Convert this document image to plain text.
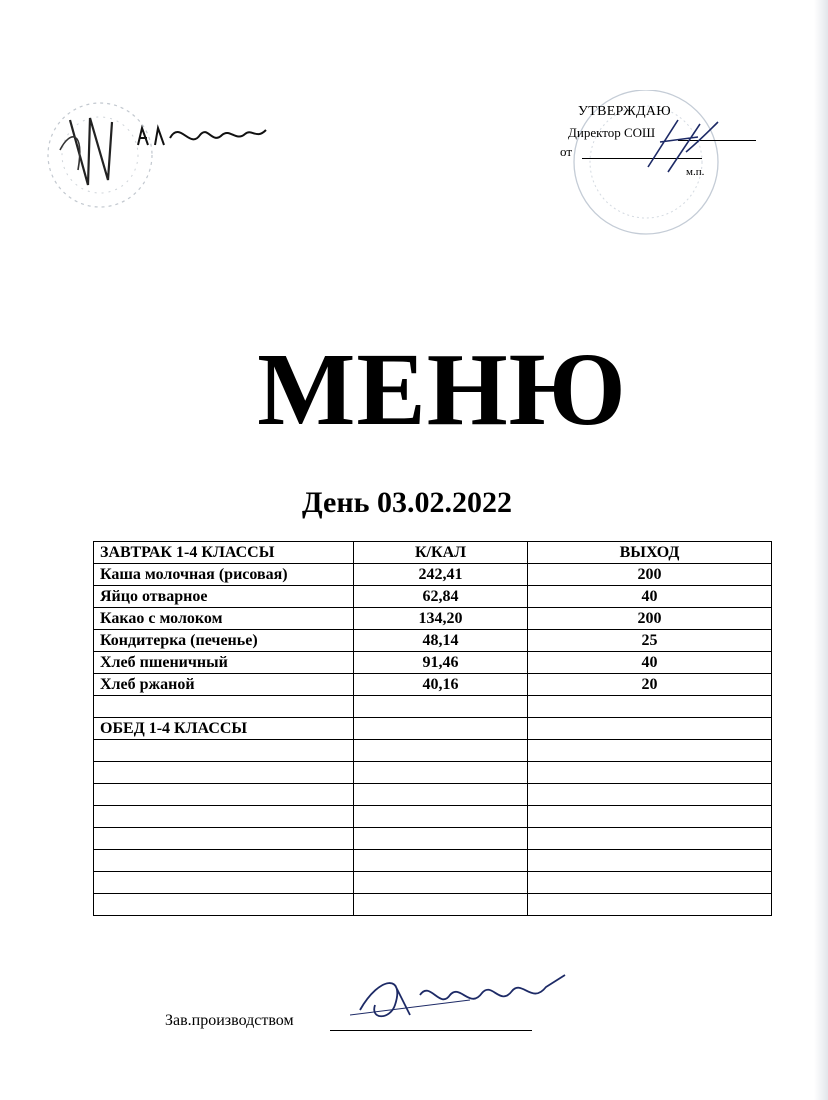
УТВЕРЖДАЮ
Директор СОШ
от
м.п.
МЕНЮ
День 03.02.2022
ЗАВТРАК 1-4 КЛАССЫ	К/КАЛ	ВЫХОД
Каша молочная (рисовая)	242,41	200
Яйцо отварное	62,84	40
Какао с молоком	134,20	200
Кондитерка (печенье)	48,14	25
Хлеб пшеничный	91,46	40
Хлеб ржаной	40,16	20

ОБЕД 1-4 КЛАССЫ		

Зав.производством
